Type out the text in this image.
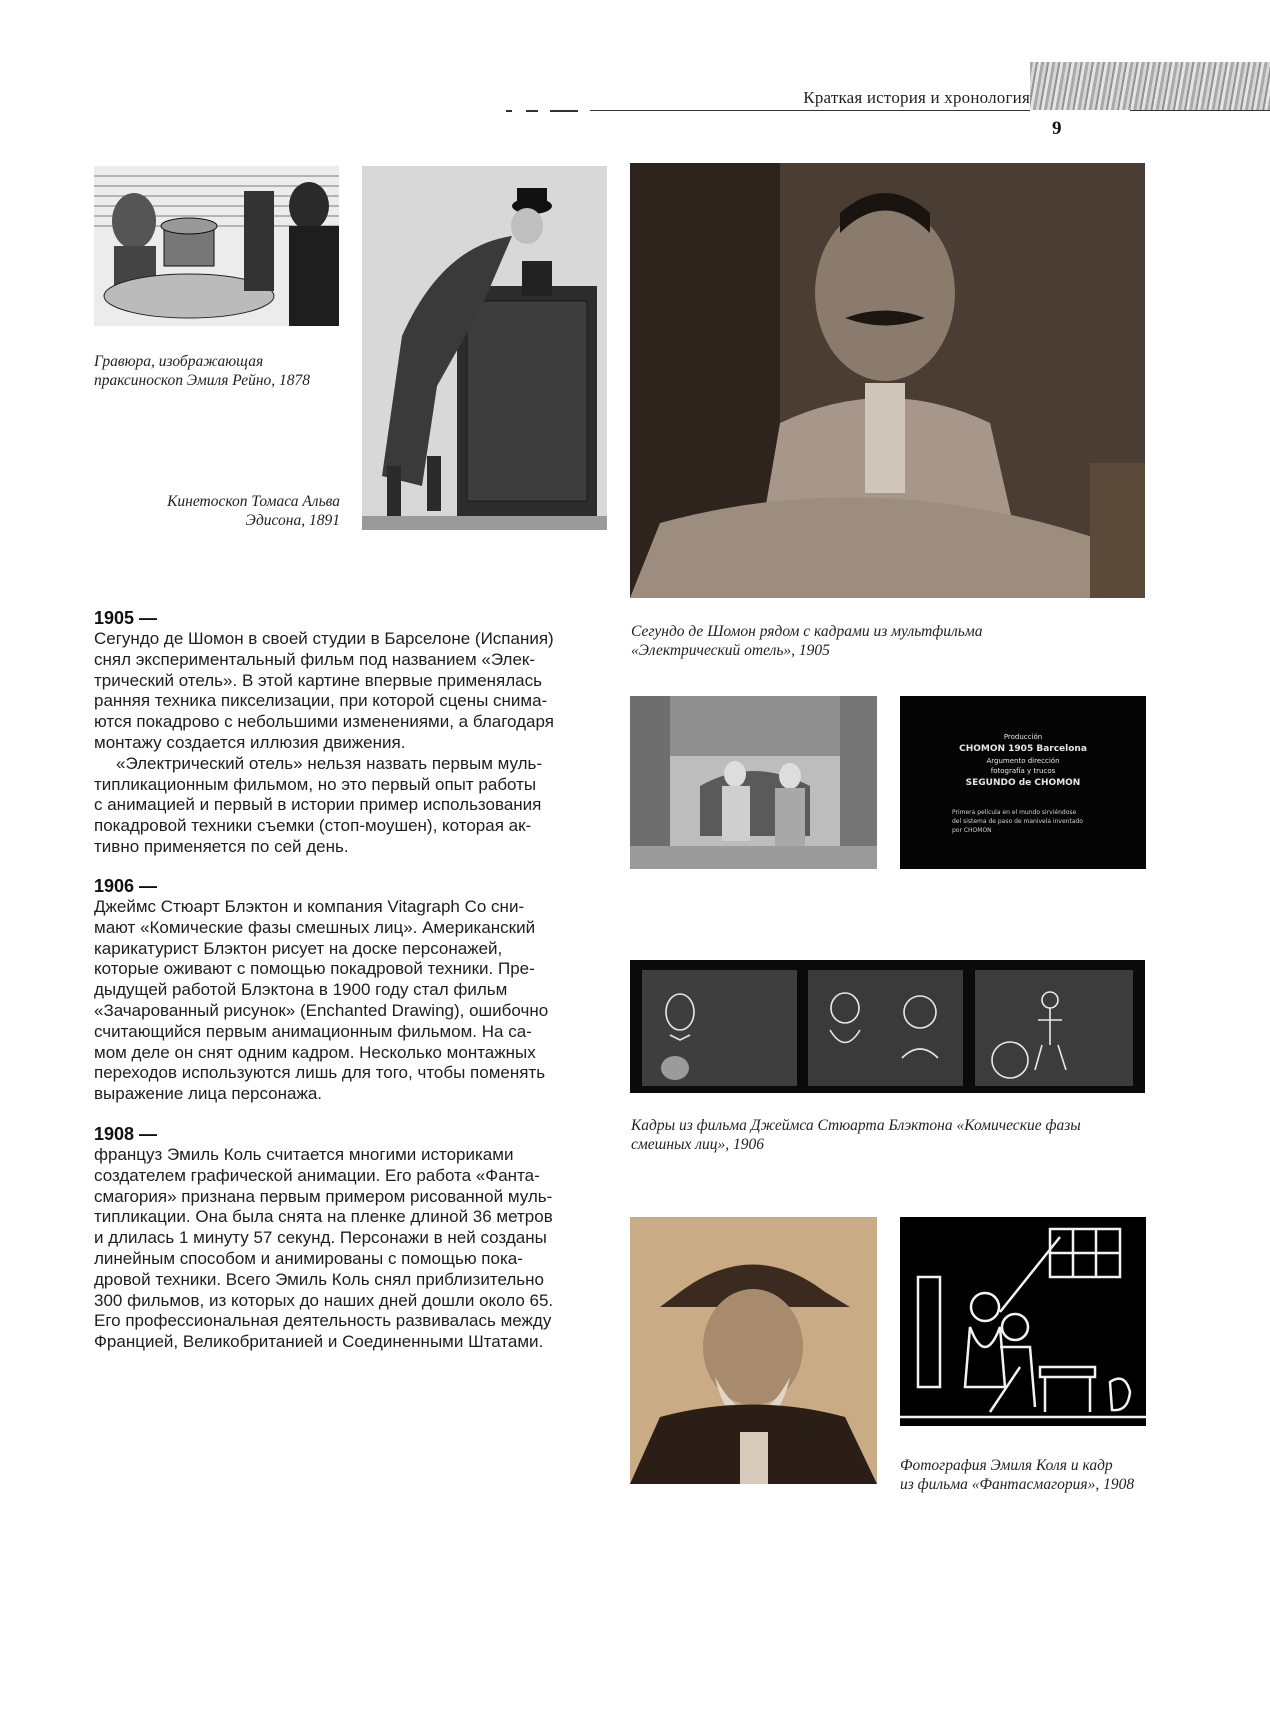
Краткая история и хронология
9
Гравюра, изображающая
праксиноскоп Эмиля Рейно, 1878
Кинетоскоп Томаса Альва
Эдисона, 1891
Сегундо де Шомон рядом с кадрами из мультфильма
«Электрический отель», 1905
Producción
CHOMON 1905 Barcelona
Argumento dirección
fotografía y trucos
SEGUNDO de CHOMON
Primera película en el mundo sirviéndose
del sistema de paso de manivela inventado
por CHOMON
Кадры из фильма Джеймса Стюарта Блэктона «Комические фазы
смешных лиц», 1906
Фотография Эмиля Коля и кадр
из фильма «Фантасмагория», 1908
1905 —
Сегундо де Шомон в своей студии в Барселоне (Испания)
снял экспериментальный фильм под названием «Элек-
трический отель». В этой картине впервые применялась
ранняя техника пикселизации, при которой сцены снима-
ются покадрово с небольшими изменениями, а благодаря
монтажу создается иллюзия движения.
«Электрический отель» нельзя назвать первым муль-
типликационным фильмом, но это первый опыт работы
с анимацией и первый в истории пример использования
покадровой техники съемки (стоп-моушен), которая ак-
тивно применяется по сей день.
1906 —
Джеймс Стюарт Блэктон и компания Vitagraph Co сни-
мают «Комические фазы смешных лиц». Американский
карикатурист Блэктон рисует на доске персонажей,
которые оживают с помощью покадровой техники. Пре-
дыдущей работой Блэктона в 1900 году стал фильм
«Зачарованный рисунок» (Enchanted Drawing), ошибочно
считающийся первым анимационным фильмом. На са-
мом деле он снят одним кадром. Несколько монтажных
переходов используются лишь для того, чтобы поменять
выражение лица персонажа.
1908 —
француз Эмиль Коль считается многими историками
создателем графической анимации. Его работа «Фанта-
смагория» признана первым примером рисованной муль-
типликации. Она была снята на пленке длиной 36 метров
и длилась 1 минуту 57 секунд. Персонажи в ней созданы
линейным способом и анимированы с помощью пока-
дровой техники. Всего Эмиль Коль снял приблизительно
300 фильмов, из которых до наших дней дошли около 65.
Его профессиональная деятельность развивалась между
Францией, Великобританией и Соединенными Штатами.
